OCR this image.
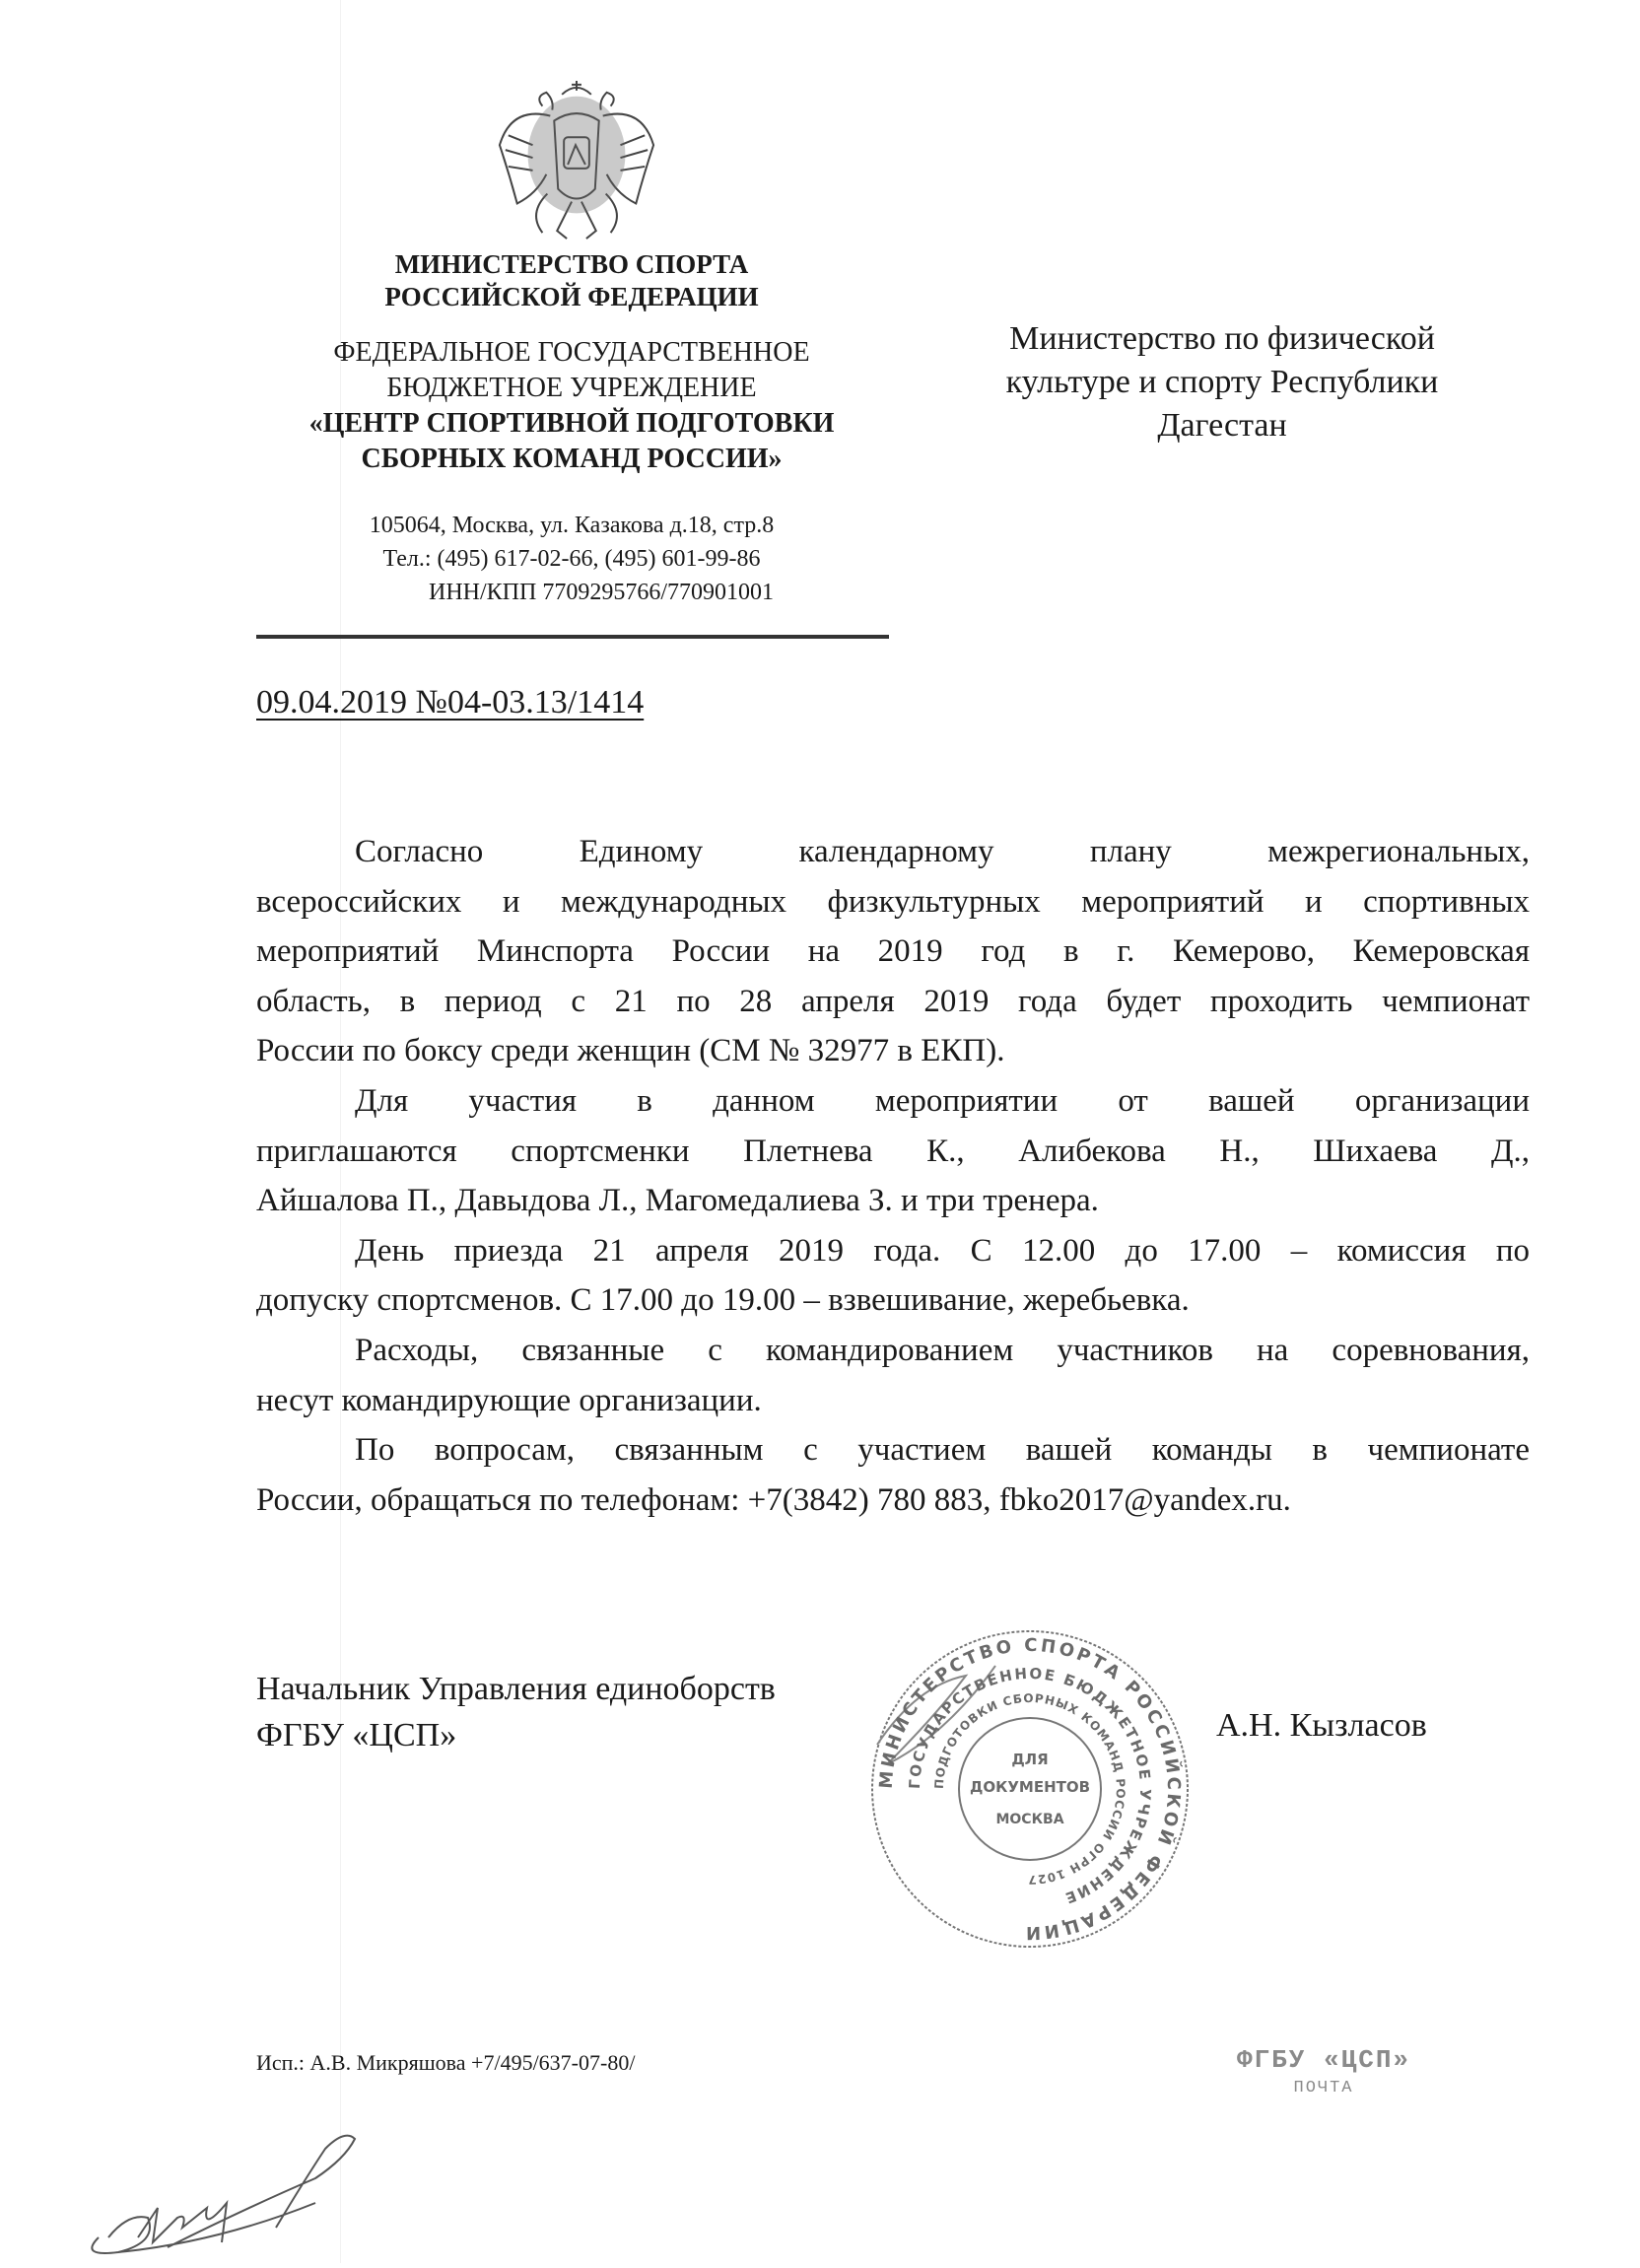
МИНИСТЕРСТВО СПОРТА
РОССИЙСКОЙ ФЕДЕРАЦИИ
ФЕДЕРАЛЬНОЕ ГОСУДАРСТВЕННОЕ
БЮДЖЕТНОЕ УЧРЕЖДЕНИЕ
«ЦЕНТР СПОРТИВНОЙ ПОДГОТОВКИ
СБОРНЫХ КОМАНД РОССИИ»
105064, Москва, ул. Казакова д.18, стр.8
Тел.: (495) 617-02-66, (495) 601-99-86
ИНН/КПП 7709295766/770901001
09.04.2019 №04-03.13/1414
Министерство по физической
культуре и спорту Республики
Дагестан
Согласно Единому календарному плану межрегиональных,
всероссийских и международных физкультурных мероприятий и спортивных
мероприятий Минспорта России на 2019 год в г. Кемерово, Кемеровская
область, в период с 21 по 28 апреля 2019 года будет проходить чемпионат
России по боксу среди женщин (СМ № 32977 в ЕКП).
Для участия в данном мероприятии от вашей организации
приглашаются спортсменки Плетнева К., Алибекова Н., Шихаева Д.,
Айшалова П., Давыдова Л., Магомедалиева З. и три тренера.
День приезда 21 апреля 2019 года. С 12.00 до 17.00 – комиссия по
допуску спортсменов. С 17.00 до 19.00 – взвешивание, жеребьевка.
Расходы, связанные с командированием участников на соревнования,
несут командирующие организации.
По вопросам, связанным с участием вашей команды в чемпионате
России, обращаться по телефонам: +7(3842) 780 883, fbko2017@yandex.ru.
Начальник Управления единоборств
ФГБУ «ЦСП»
МИНИСТЕРСТВО СПОРТА РОССИЙСКОЙ ФЕДЕРАЦИИ
ГОСУДАРСТВЕННОЕ БЮДЖЕТНОЕ УЧРЕЖДЕНИЕ
ПОДГОТОВКИ СБОРНЫХ КОМАНД РОССИИ ОГРН 1027
ДЛЯ
ДОКУМЕНТОВ
МОСКВА
А.Н. Кызласов
Исп.: А.В. Микряшова +7/495/637-07-80/	ФГБУ «ЦСП»
ПОЧТА
